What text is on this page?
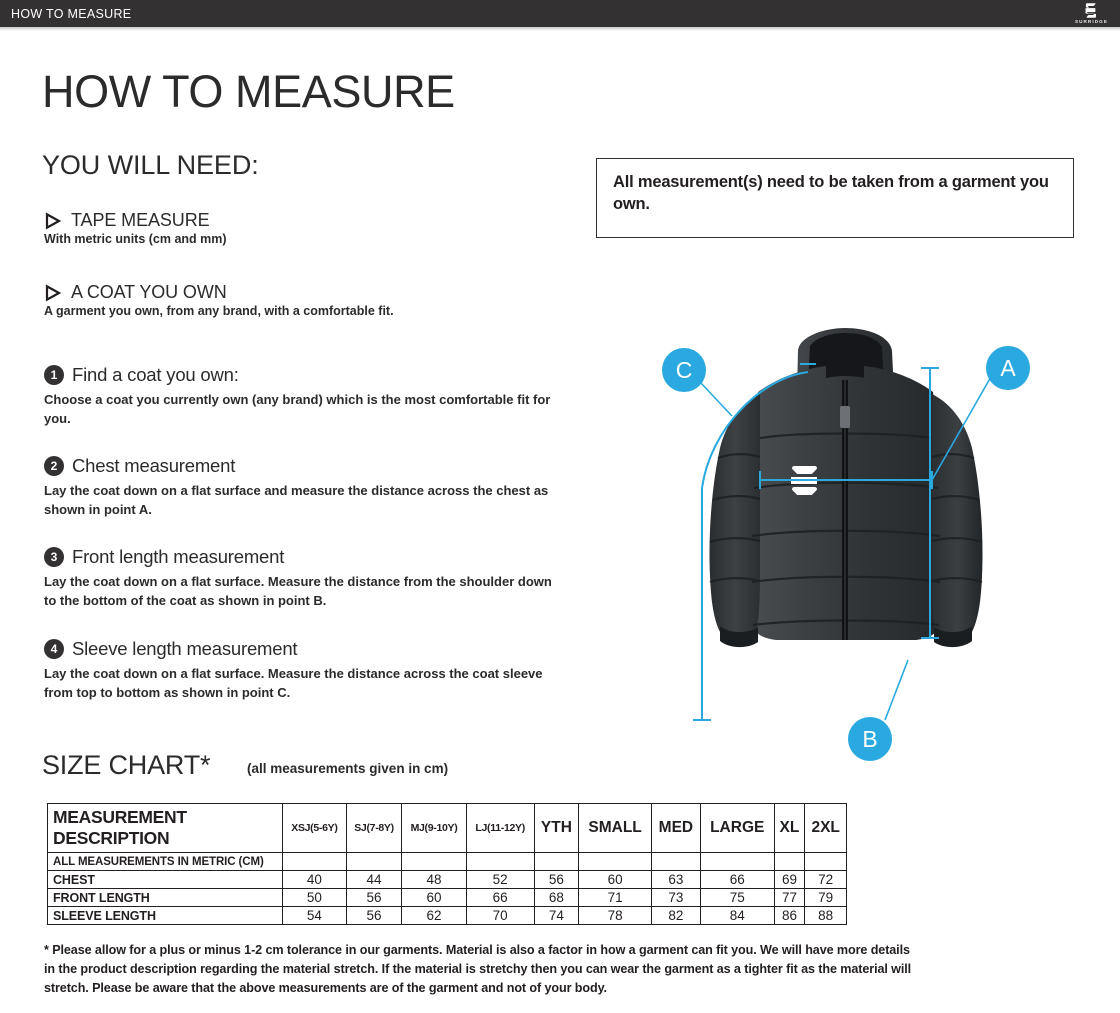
HOW TO MEASURE
SURRIDGE
HOW TO MEASURE
YOU WILL NEED:
TAPE MEASURE
With metric units (cm and mm)
A COAT YOU OWN
A garment you own, from any brand, with a comfortable fit.
1 Find a coat you own:
Choose a coat you currently own (any brand) which is the most comfortable fit for you.
2 Chest measurement
Lay the coat down on a flat surface and measure the distance across the chest as shown in point A.
3 Front length measurement
Lay the coat down on a flat surface. Measure the distance from the shoulder down to the bottom of the coat as shown in point B.
4 Sleeve length measurement
Lay the coat down on a flat surface. Measure the distance across the coat sleeve from top to bottom as shown in point C.
All measurement(s) need to be taken from a garment you own.
A
B
C
SIZE CHART*	(all measurements given in cm)
MEASUREMENT DESCRIPTION	XSJ(5-6Y)	SJ(7-8Y)	MJ(9-10Y)	LJ(11-12Y)	YTH	SMALL	MED	LARGE	XL	2XL
ALL MEASUREMENTS IN METRIC (CM)										
CHEST	40	44	48	52	56	60	63	66	69	72
FRONT LENGTH	50	56	60	66	68	71	73	75	77	79
SLEEVE LENGTH	54	56	62	70	74	78	82	84	86	88
* Please allow for a plus or minus 1-2 cm tolerance in our garments. Material is also a factor in how a garment can fit you. We will have more details in the product description regarding the material stretch. If the material is stretchy then you can wear the garment as a tighter fit as the material will stretch. Please be aware that the above measurements are of the garment and not of your body.
